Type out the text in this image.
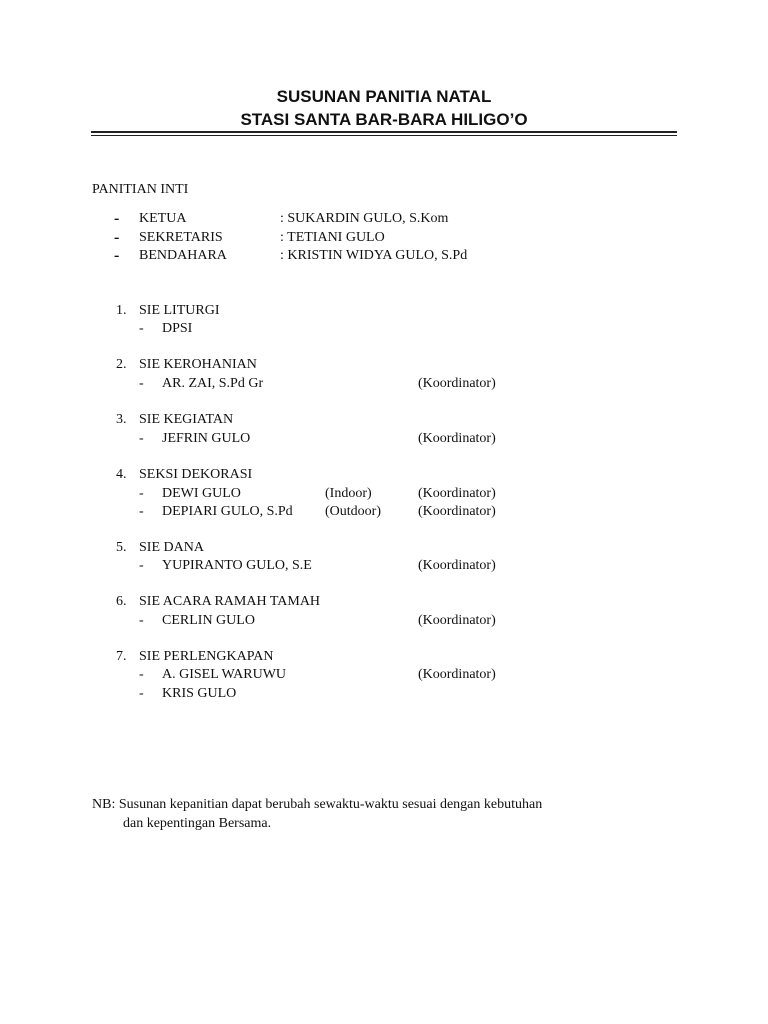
SUSUNAN PANITIA NATAL
STASI SANTA BAR-BARA HILIGO’O
PANITIAN INTI
- KETUA	: SUKARDIN GULO, S.Kom
- SEKRETARIS	: TETIANI GULO
- BENDAHARA	: KRISTIN WIDYA GULO, S.Pd
1. SIE LITURGI
- DPSI
2. SIE KEROHANIAN
- AR. ZAI, S.Pd Gr	(Koordinator)
3. SIE KEGIATAN
- JEFRIN GULO	(Koordinator)
4. SEKSI DEKORASI
- DEWI GULO	(Indoor)	(Koordinator)
- DEPIARI GULO, S.Pd (Outdoor)	(Koordinator)
5. SIE DANA
- YUPIRANTO GULO, S.E	(Koordinator)
6. SIE ACARA RAMAH TAMAH
- CERLIN GULO	(Koordinator)
7. SIE PERLENGKAPAN
- A. GISEL WARUWU	(Koordinator)
- KRIS GULO
NB: Susunan kepanitian dapat berubah sewaktu-waktu sesuai dengan kebutuhan
dan kepentingan Bersama.
